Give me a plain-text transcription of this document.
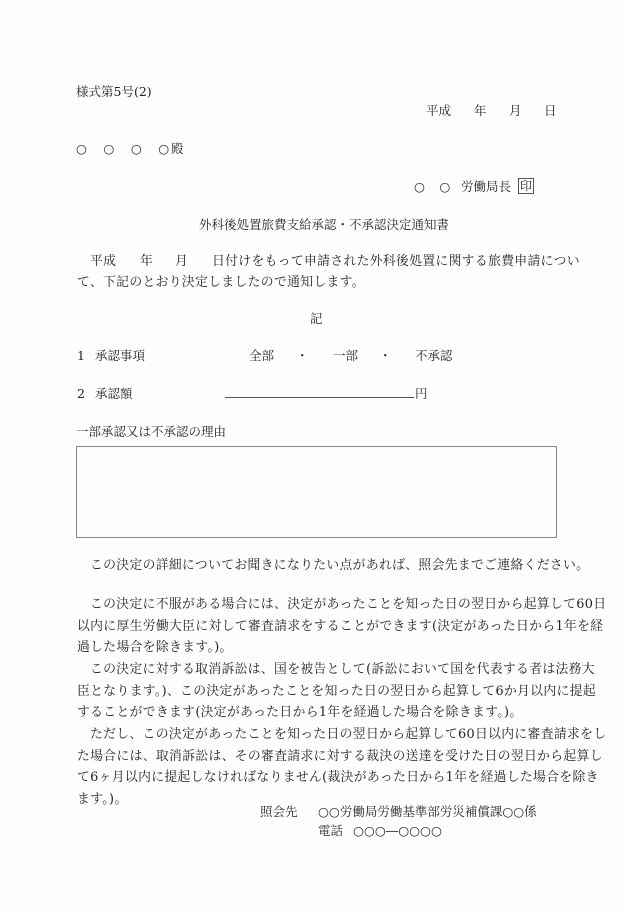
様式第5号(2)
平成 年 月 日
○　○　○　○ 殿
○　○ 労働局長 印
外科後処置旅費支給承認・不承認決定通知書
平成 年 月 日付けをもって申請された外科後処置に関する旅費申請につい
て、下記のとおり決定しましたので通知します。
記
1 承認事項	全部 ・ 一部 ・ 不承認
2 承認額	円
一部承認又は不承認の理由
この決定の詳細についてお聞きになりたい点があれば、照会先までご連絡ください。
この決定に不服がある場合には、決定があったことを知った日の翌日から起算して60日
以内に厚生労働大臣に対して審査請求をすることができます(決定があった日から1年を経
過した場合を除きます。)。
この決定に対する取消訴訟は、国を被告として(訴訟において国を代表する者は法務大
臣となります。)、この決定があったことを知った日の翌日から起算して6か月以内に提起
することができます(決定があった日から1年を経過した場合を除きます。)。
ただし、この決定があったことを知った日の翌日から起算して60日以内に審査請求をし
た場合には、取消訴訟は、その審査請求に対する裁決の送達を受けた日の翌日から起算し
て6ヶ月以内に提起しなければなりません(裁決があった日から1年を経過した場合を除き
ます。)。
照会先 ○○労働局労働基準部労災補償課○○係
電話 ○○○―○○○○
